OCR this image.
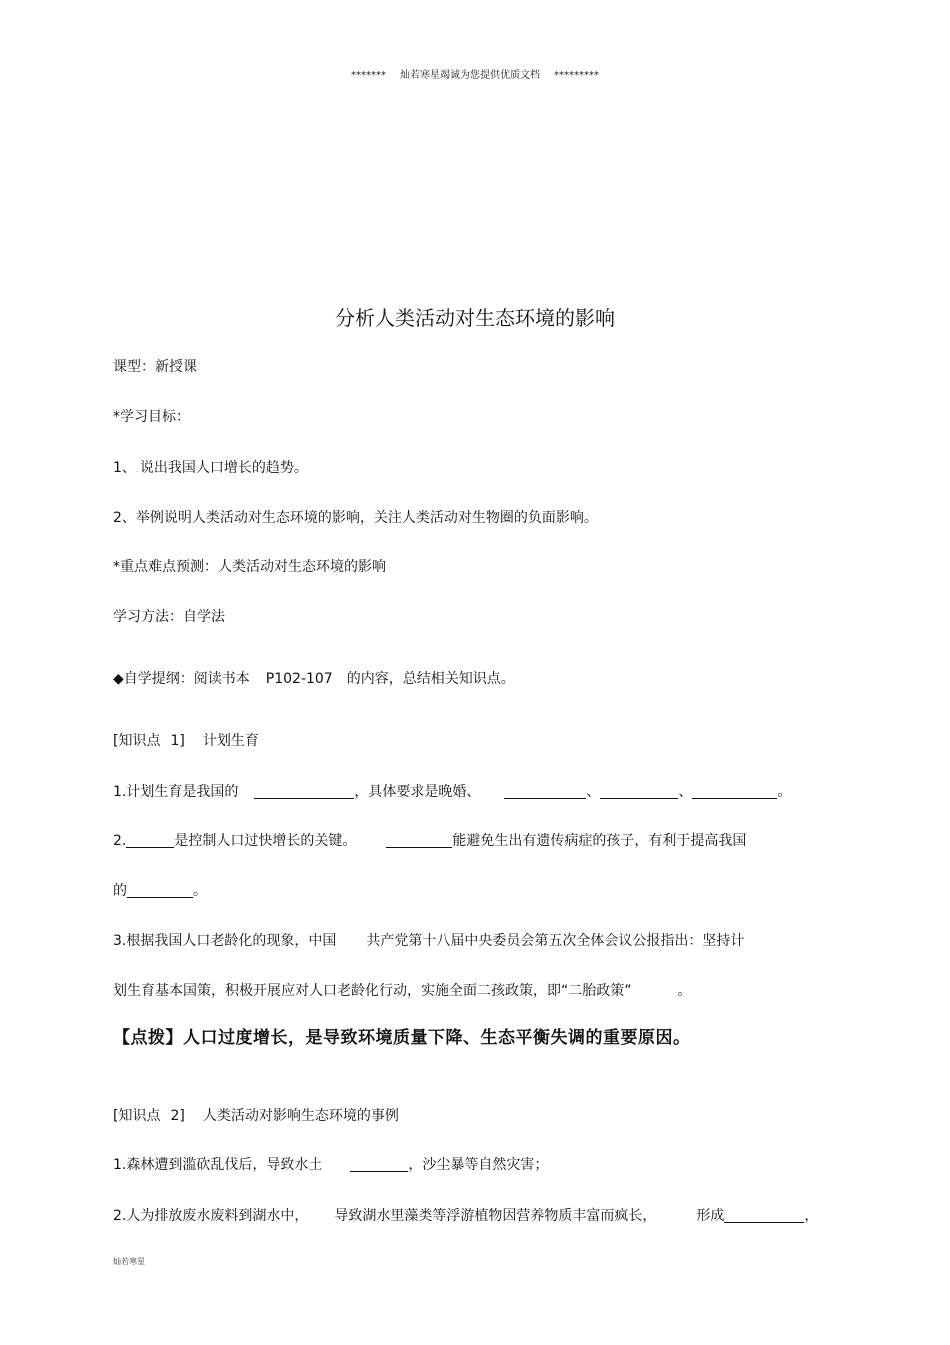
******* 灿若寒星竭诚为您提供优质文档 *********
分析人类活动对生态环境的影响
课型：新授课
*学习目标：
1、.说出我国人口增长的趋势。
2、举例说明人类活动对生态环境的影响，关注人类活动对生物圈的负面影响。
*重点难点预测：人类活动对生态环境的影响
学习方法：自学法
◆自学提纲：阅读书本 P102-107 的内容，总结相关知识点。
[知识点 1] 计划生育
1.计划生育是我国的	，具体要求是晚婚、	、	、	。
2.	是控制人口过快增长的关键。	能避免生出有遗传病症的孩子，有利于提高我国
的	。
3.根据我国人口老龄化的现象，中国 共产党第十八届中央委员会第五次全体会议公报指出：坚持计
划生育基本国策，积极开展应对人口老龄化行动，实施全面二孩政策，即“二胎政策”	。
【点拨】人口过度增长，是导致环境质量下降、生态平衡失调的重要原因。
[知识点 2] 人类活动对影响生态环境的事例
1.森林遭到滥砍乱伐后，导致水土	，沙尘暴等自然灾害；
2.人为排放废水废料到湖水中， 导致湖水里藻类等浮游植物因营养物质丰富而疯长，	形成	，
灿若寒星
